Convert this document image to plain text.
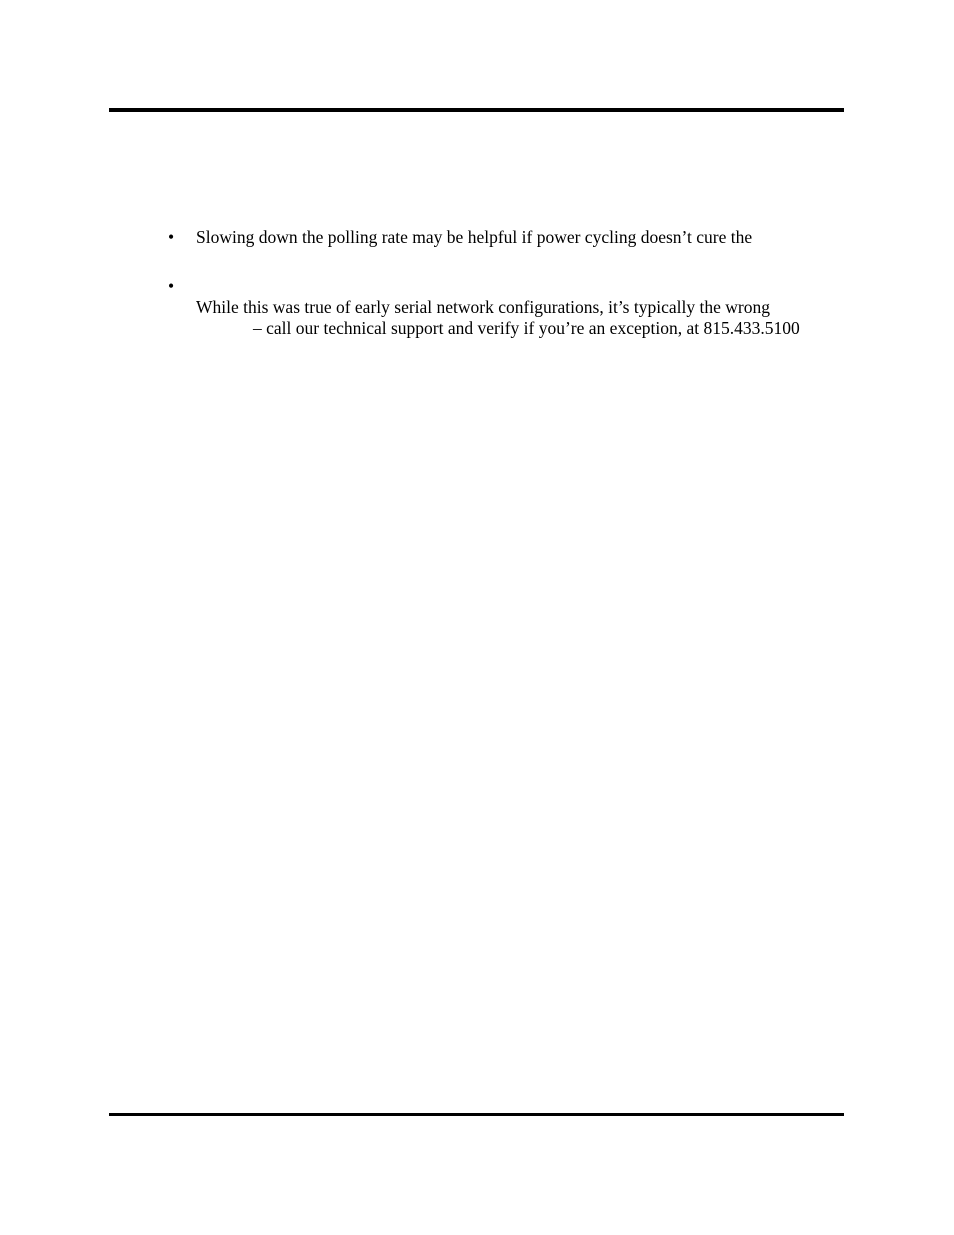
• Slowing down the polling rate may be helpful if power cycling doesn’t cure the
•
While this was true of early serial network configurations, it’s typically the wrong
– call our technical support and verify if you’re an exception, at 815.433.5100
